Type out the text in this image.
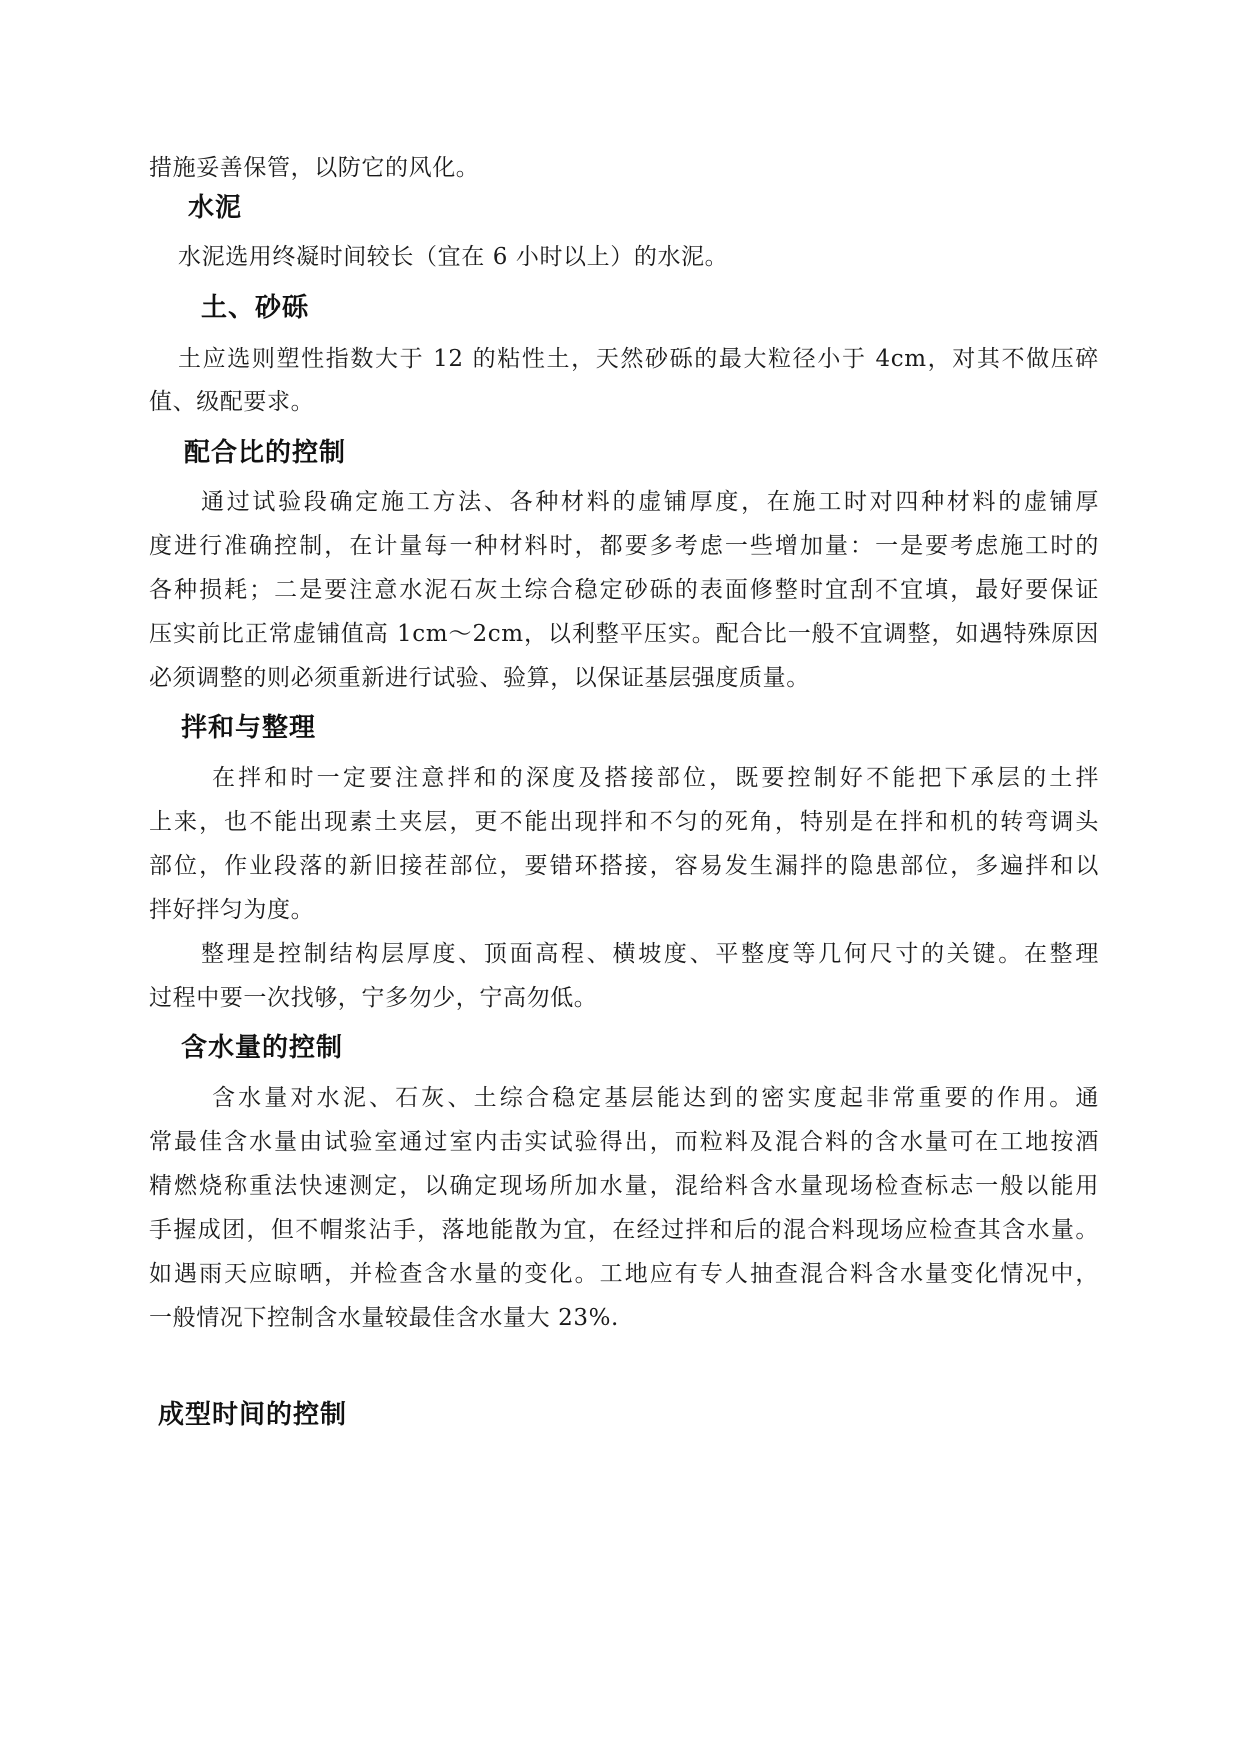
措施妥善保管，以防它的风化。
水泥
水泥选用终凝时间较长（宜在 6 小时以上）的水泥。
土、砂砾
土应选则塑性指数大于 12 的粘性土，天然砂砾的最大粒径小于 4cm，对其不做压碎
值、级配要求。
配合比的控制
通过试验段确定施工方法、各种材料的虚铺厚度，在施工时对四种材料的虚铺厚
度进行准确控制，在计量每一种材料时，都要多考虑一些增加量：一是要考虑施工时的
各种损耗；二是要注意水泥石灰土综合稳定砂砾的表面修整时宜刮不宜填，最好要保证
压实前比正常虚铺值高 1cm～2cm，以利整平压实。配合比一般不宜调整，如遇特殊原因
必须调整的则必须重新进行试验、验算，以保证基层强度质量。
拌和与整理
在拌和时一定要注意拌和的深度及搭接部位，既要控制好不能把下承层的土拌
上来，也不能出现素土夹层，更不能出现拌和不匀的死角，特别是在拌和机的转弯调头
部位，作业段落的新旧接茬部位，要错环搭接，容易发生漏拌的隐患部位，多遍拌和以
拌好拌匀为度。
整理是控制结构层厚度、顶面高程、横坡度、平整度等几何尺寸的关键。在整理
过程中要一次找够，宁多勿少，宁高勿低。
含水量的控制
含水量对水泥、石灰、土综合稳定基层能达到的密实度起非常重要的作用。通
常最佳含水量由试验室通过室内击实试验得出，而粒料及混合料的含水量可在工地按酒
精燃烧称重法快速测定，以确定现场所加水量，混给料含水量现场检查标志一般以能用
手握成团，但不帽浆沾手，落地能散为宜，在经过拌和后的混合料现场应检查其含水量。
如遇雨天应晾晒，并检查含水量的变化。工地应有专人抽查混合料含水量变化情况中，
一般情况下控制含水量较最佳含水量大 23%.
成型时间的控制
